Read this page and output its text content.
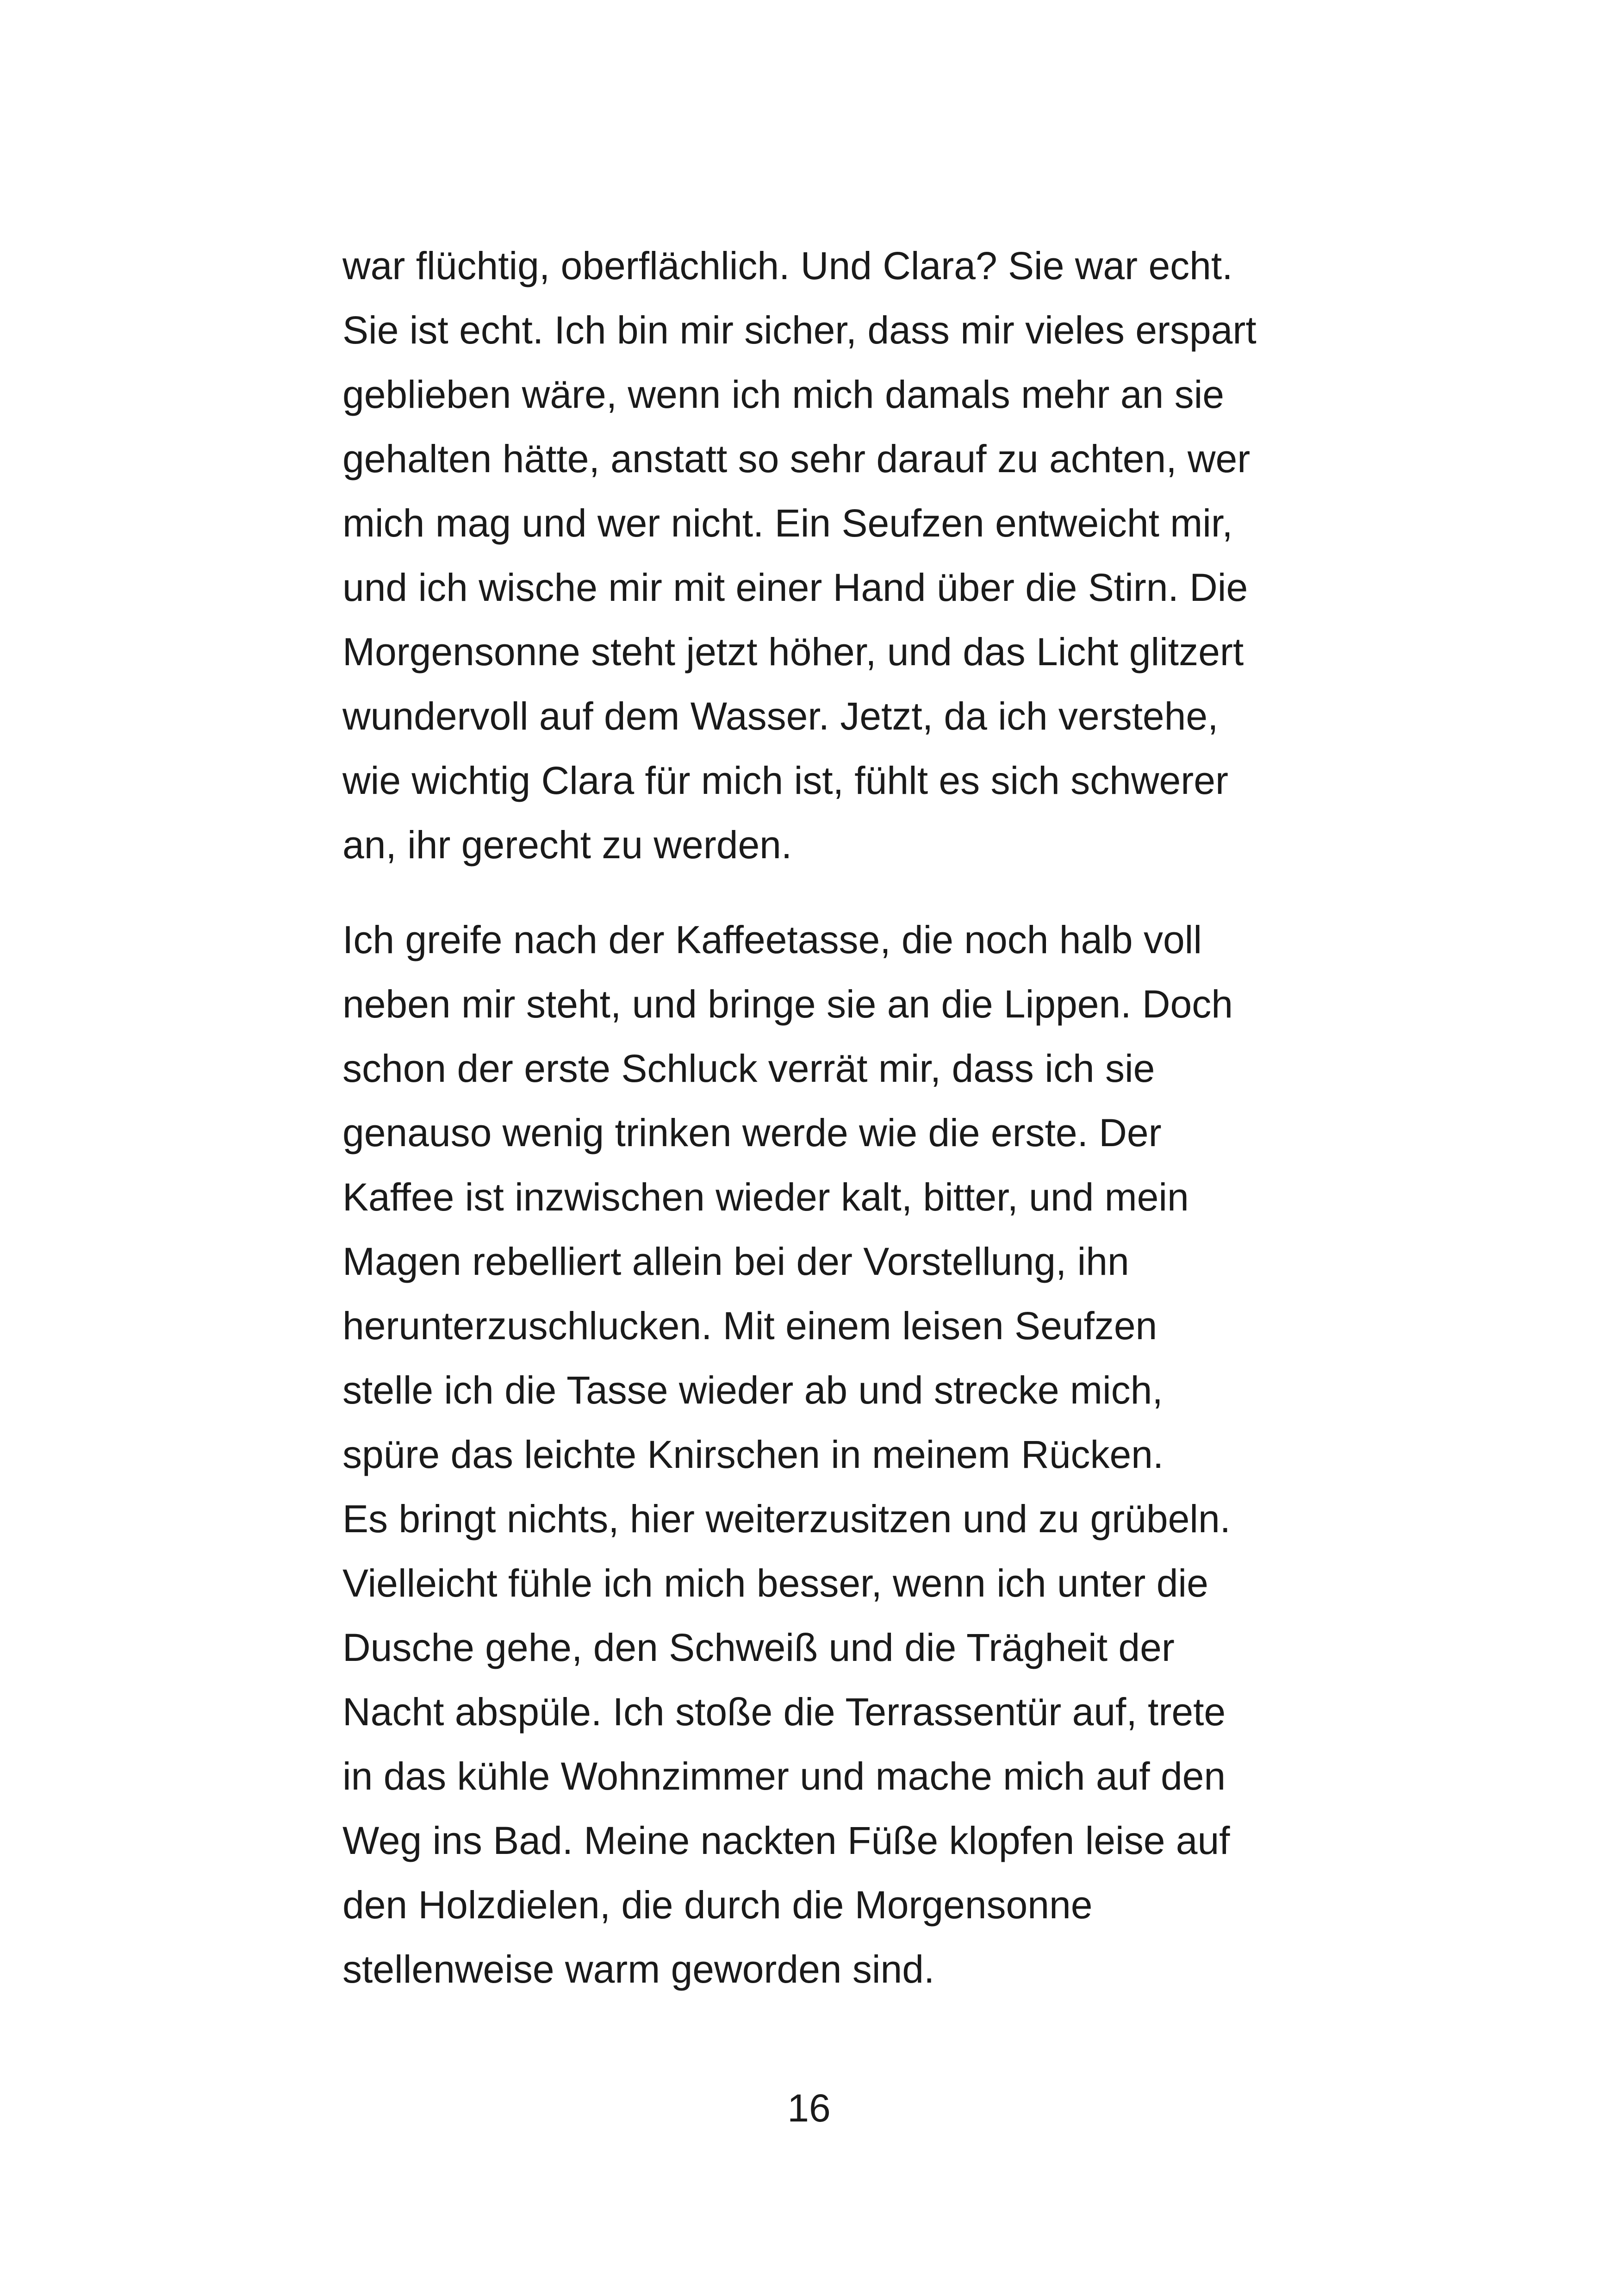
war flüchtig, oberflächlich. Und Clara? Sie war echt.
Sie ist echt. Ich bin mir sicher, dass mir vieles erspart
geblieben wäre, wenn ich mich damals mehr an sie
gehalten hätte, anstatt so sehr darauf zu achten, wer
mich mag und wer nicht. Ein Seufzen entweicht mir,
und ich wische mir mit einer Hand über die Stirn. Die
Morgensonne steht jetzt höher, und das Licht glitzert
wundervoll auf dem Wasser. Jetzt, da ich verstehe,
wie wichtig Clara für mich ist, fühlt es sich schwerer
an, ihr gerecht zu werden.

Ich greife nach der Kaffeetasse, die noch halb voll
neben mir steht, und bringe sie an die Lippen. Doch
schon der erste Schluck verrät mir, dass ich sie
genauso wenig trinken werde wie die erste. Der
Kaffee ist inzwischen wieder kalt, bitter, und mein
Magen rebelliert allein bei der Vorstellung, ihn
herunterzuschlucken. Mit einem leisen Seufzen
stelle ich die Tasse wieder ab und strecke mich,
spüre das leichte Knirschen in meinem Rücken.
Es bringt nichts, hier weiterzusitzen und zu grübeln.
Vielleicht fühle ich mich besser, wenn ich unter die
Dusche gehe, den Schweiß und die Trägheit der
Nacht abspüle. Ich stoße die Terrassentür auf, trete
in das kühle Wohnzimmer und mache mich auf den
Weg ins Bad. Meine nackten Füße klopfen leise auf
den Holzdielen, die durch die Morgensonne
stellenweise warm geworden sind.

16
